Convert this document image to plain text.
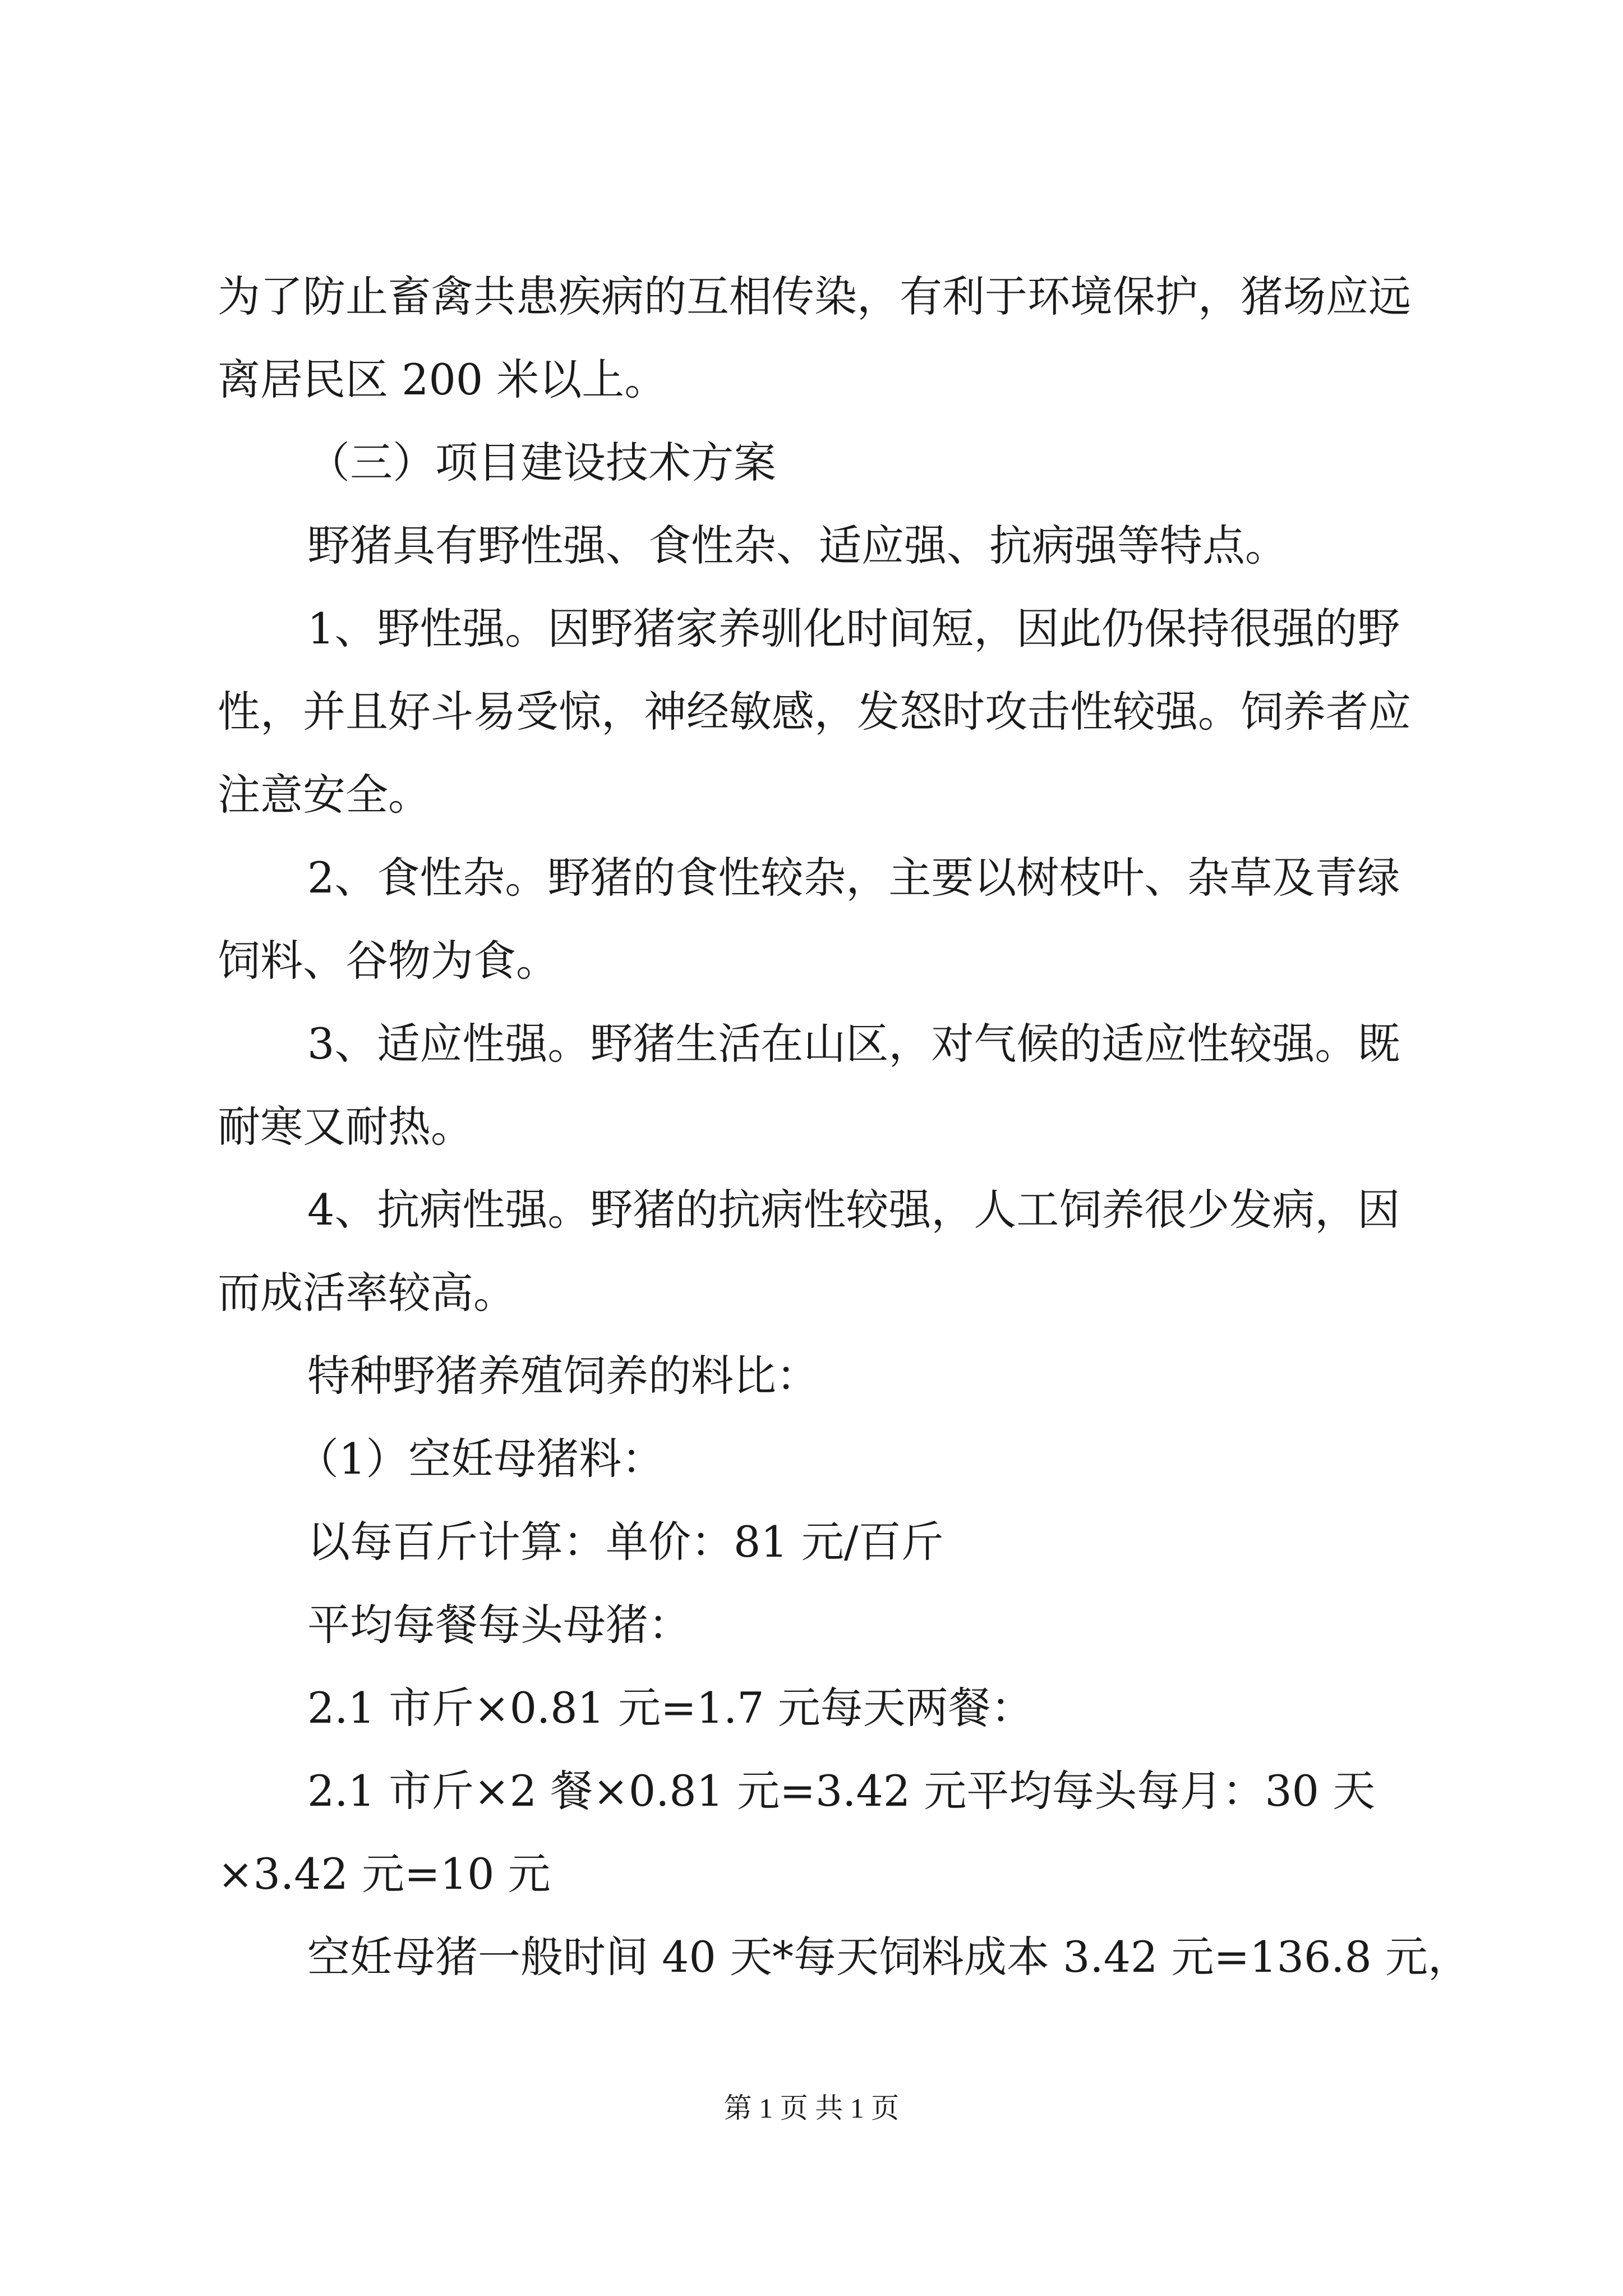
为了防止畜禽共患疾病的互相传染，有利于环境保护，猪场应远

离居民区 200 米以上。

（三）项目建设技术方案

野猪具有野性强、食性杂、适应强、抗病强等特点。

1、野性强。因野猪家养驯化时间短，因此仍保持很强的野

性，并且好斗易受惊，神经敏感，发怒时攻击性较强。饲养者应

注意安全。

2、食性杂。野猪的食性较杂，主要以树枝叶、杂草及青绿

饲料、谷物为食。

3、适应性强。野猪生活在山区，对气候的适应性较强。既

耐寒又耐热。

4、抗病性强。野猪的抗病性较强，人工饲养很少发病，因

而成活率较高。

特种野猪养殖饲养的料比：

（1）空妊母猪料：

以每百斤计算：单价：81 元/百斤

平均每餐每头母猪：

2.1 市斤×0.81 元=1.7 元每天两餐：

2.1 市斤×2 餐×0.81 元=3.42 元平均每头每月：30 天

×3.42 元=10 元

空妊母猪一般时间 40 天*每天饲料成本 3.42 元=136.8 元，

第 1 页 共 1 页
